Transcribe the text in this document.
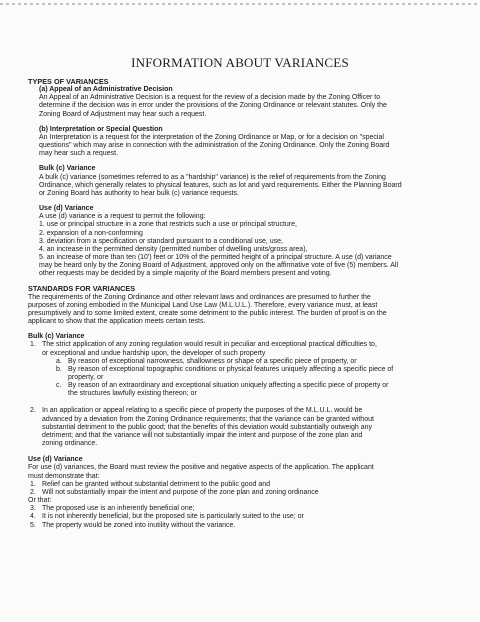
INFORMATION ABOUT VARIANCES
TYPES OF VARIANCES
(a) Appeal of an Administrative Decision
An Appeal of an Administrative Decision is a request for the review of a decision made by the Zoning Officer to
determine if the decision was in error under the provisions of the Zoning Ordinance or relevant statutes. Only the
Zoning Board of Adjustment may hear such a request.
(b) Interpretation or Special Question
An Interpretation is a request for the interpretation of the Zoning Ordinance or Map, or for a decision on "special
questions" which may arise in connection with the administration of the Zoning Ordinance. Only the Zoning Board
may hear such a request.
Bulk (c) Variance
A bulk (c) variance (sometimes referred to as a "hardship" variance) is the relief of requirements from the Zoning
Ordinance, which generally relates to physical features, such as lot and yard requirements. Either the Planning Board
or Zoning Board has authority to hear bulk (c) variance requests.
Use (d) Variance
A use (d) variance is a request to permit the following:
1. use or principal structure in a zone that restricts such a use or principal structure,
2. expansion of a non-conforming
3. deviation from a specification or standard pursuant to a conditional use, use,
4. an increase in the permitted density (permitted number of dwelling units/gross area),
5. an increase of more than ten (10') feet or 10% of the permitted height of a principal structure. A use (d) variance
may be heard only by the Zoning Board of Adjustment, approved only on the affirmative vote of five (5) members. All
other requests may be decided by a simple majority of the Board members present and voting.
STANDARDS FOR VARIANCES
The requirements of the Zoning Ordinance and other relevant laws and ordinances are presumed to further the
purposes of zoning embodied in the Municipal Land Use Law (M.L.U.L.). Therefore, every variance must, at least
presumptively and to some limited extent, create some detriment to the public interest. The burden of proof is on the
applicant to show that the application meets certain tests.
Bulk (c) Variance
1. The strict application of any zoning regulation would result in peculiar and exceptional practical difficulties to,
or exceptional and undue hardship upon, the developer of such property
a. By reason of exceptional narrowness, shallowness or shape of a specific piece of property, or
b. By reason of exceptional topographic conditions or physical features uniquely affecting a specific piece of
property, or
c. By reason of an extraordinary and exceptional situation uniquely affecting a specific piece of property or
the structures lawfully existing thereon; or
2. In an application or appeal relating to a specific piece of property the purposes of the M.L.U.L. would be
advanced by a deviation from the Zoning Ordinance requirements; that the variance can be granted without
substantial detriment to the public good; that the benefits of this deviation would substantially outweigh any
detriment; and that the variance will not substantially impair the intent and purpose of the zone plan and
zoning ordinance.
Use (d) Variance
For use (d) variances, the Board must review the positive and negative aspects of the application. The applicant
must demonstrate that:
1. Relief can be granted without substantial detriment to the public good and
2. Will not substantially impair the intent and purpose of the zone plan and zoning ordinance
Or that:
3. The proposed use is an inherently beneficial one;
4. It is not inherently beneficial, but the proposed site is particularly suited to the use; or
5. The property would be zoned into inutility without the variance.
